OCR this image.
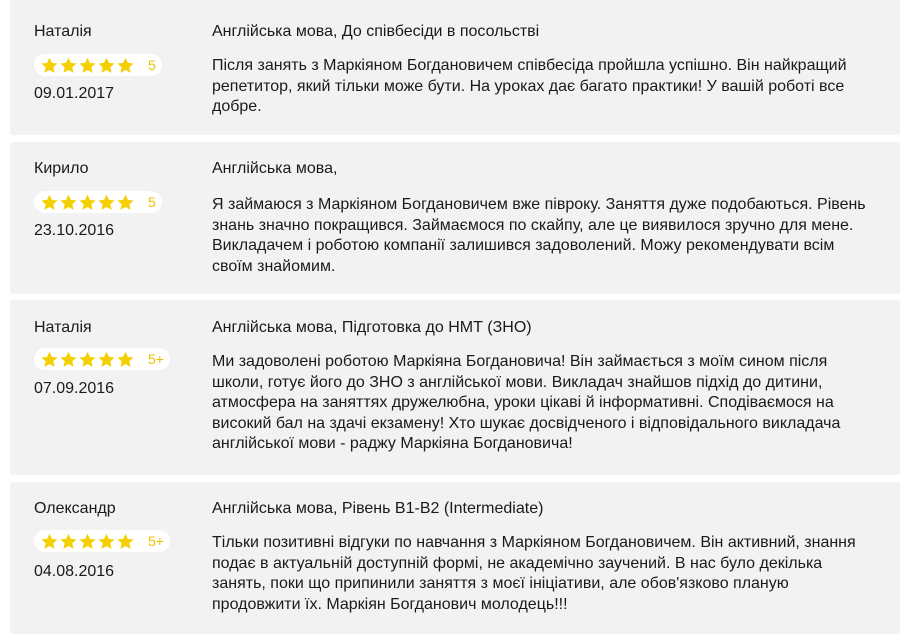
Наталія
5
09.01.2017

Англійська мова, До співбесіди в посольстві

Після занять з Маркіяном Богдановичем співбесіда пройшла успішно. Він найкращий репетитор, який тільки може бути. На уроках дає багато практики! У вашій роботі все добре.

Кирило
5
23.10.2016

Англійська мова,

Я займаюся з Маркіяном Богдановичем вже півроку. Заняття дуже подобаються. Рівень знань значно покращився. Займаємося по скайпу, але це виявилося зручно для мене. Викладачем і роботою компанії залишився задоволений. Можу рекомендувати всім своїм знайомим.

Наталія
5+
07.09.2016

Англійська мова, Підготовка до НМТ (ЗНО)

Ми задоволені роботою Маркіяна Богдановича! Він займається з моїм сином після школи, готує його до ЗНО з англійської мови. Викладач знайшов підхід до дитини, атмосфера на заняттях дружелюбна, уроки цікаві й інформативні. Сподіваємося на високий бал на здачі екзамену! Хто шукає досвідченого і відповідального викладача англійської мови - раджу Маркіяна Богдановича!

Олександр
5+
04.08.2016

Англійська мова, Рівень B1-B2 (Intermediate)

Тільки позитивні відгуки по навчання з Маркіяном Богдановичем. Він активний, знання подає в актуальній доступній формі, не академічно заучений. В нас було декілька занять, поки що припинили заняття з моєї ініціативи, але обов'язково планую продовжити їх. Маркіян Богданович молодець!!!
